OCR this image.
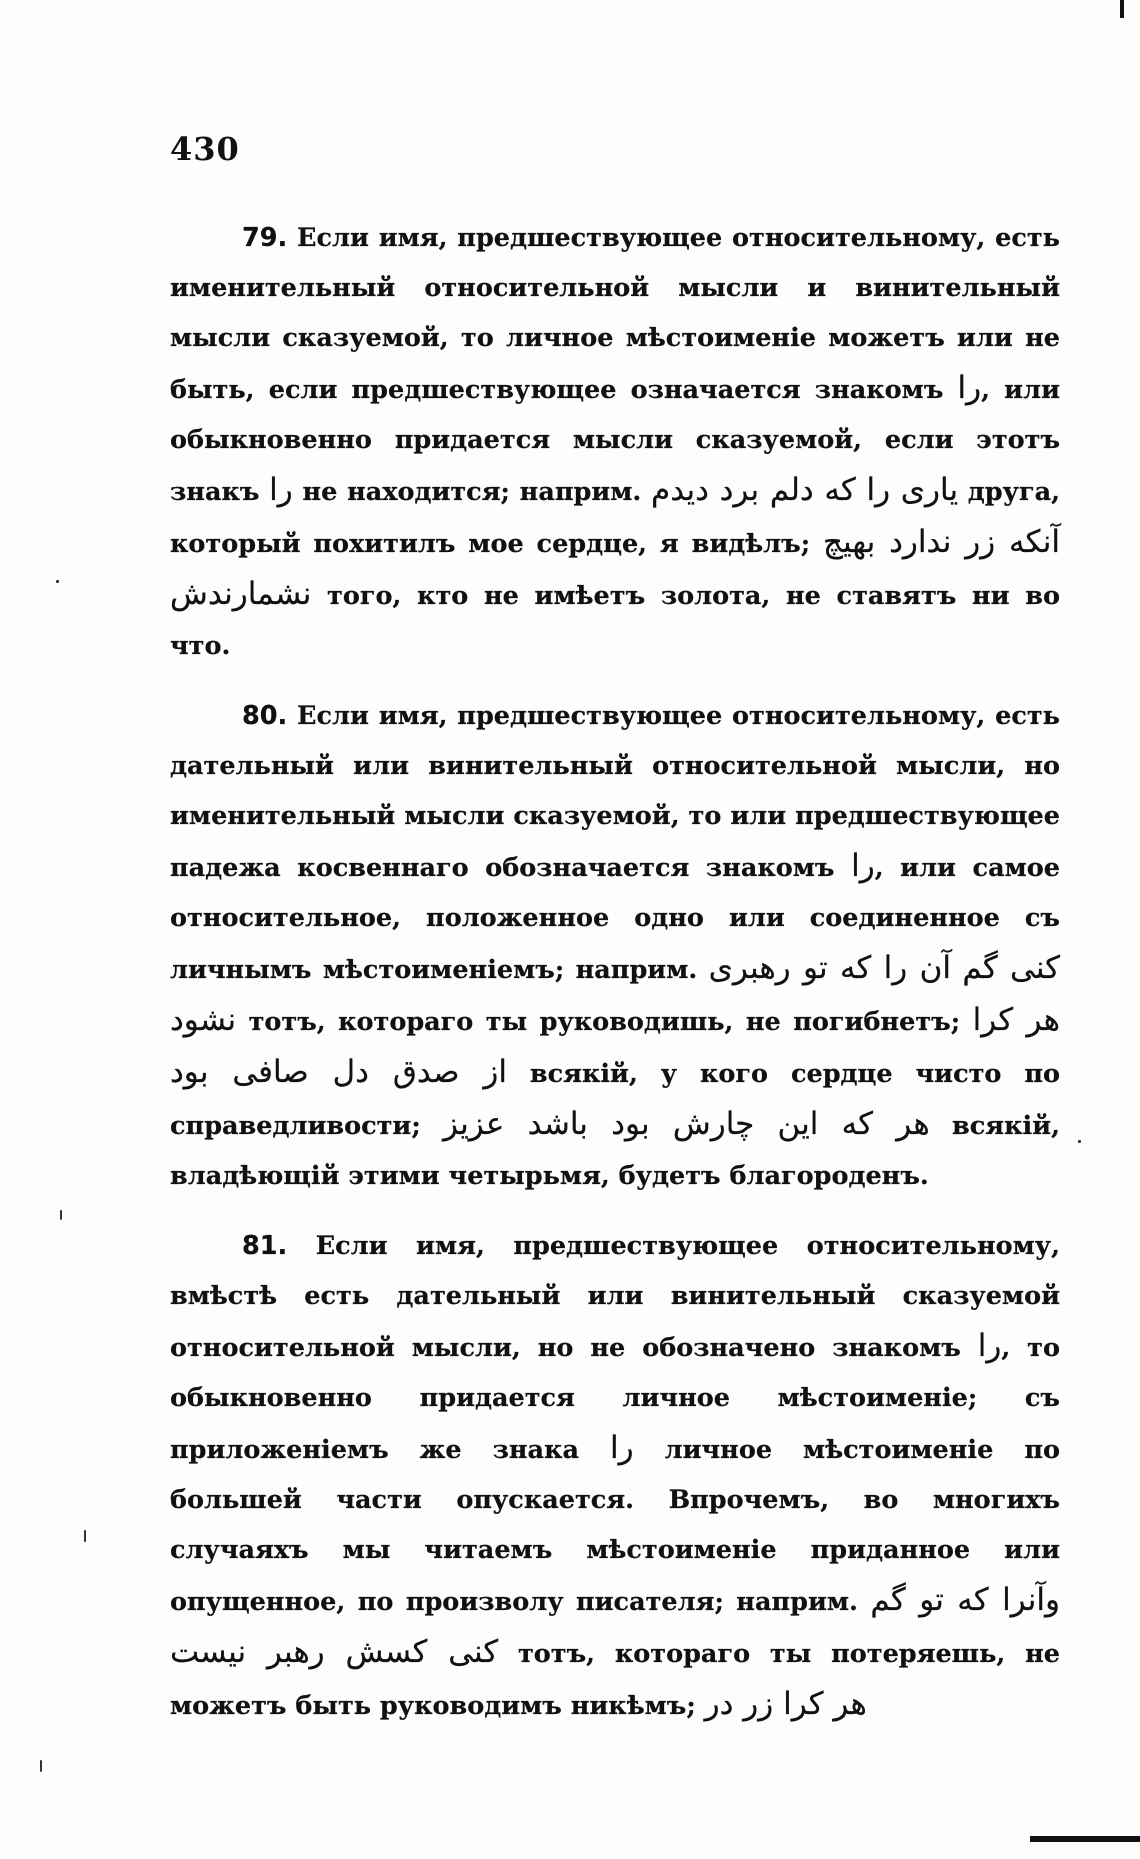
430

79. Если имя, предшествующее относительному, есть именительный относительной мысли и винительный мысли сказуемой, то личное мѣстоименіе можетъ или не быть, если предшествующее означается знакомъ را, или обыкновенно придается мысли сказуемой, если этотъ знакъ را не находится; наприм. یاری را که دلم برد دیدم друга, который похитилъ мое сердце, я видѣлъ; آنکه زر ندارد بهیچ نشمارندش того, кто не имѣетъ золота, не ставятъ ни во что.

80. Если имя, предшествующее относительному, есть дательный или винительный относительной мысли, но именительный мысли сказуемой, то или предшествующее падежа косвеннаго обозначается знакомъ را, или самое относительное, положенное одно или соединенное съ личнымъ мѣстоименіемъ; наприм. آن را که تو رهبری کنی گم نشود тотъ, котораго ты руководишь, не погибнетъ; هر کرا از صدق دل صافی بود всякій, у кого сердце чисто по справедливости; هر که این چارش بود باشد عزیز всякій, владѣющій этими четырьмя, будетъ благороденъ.

81. Если имя, предшествующее относительному, вмѣстѣ есть дательный или винительный сказуемой относительной мысли, но не обозначено знакомъ را, то обыкновенно придается личное мѣстоименіе; съ приложеніемъ же знака را личное мѣстоименіе по большей части опускается. Впрочемъ, во многихъ случаяхъ мы читаемъ мѣстоименіе приданное или опущенное, по произволу писателя; наприм. وآنرا که تو گم کنی کسش رهبر نیست тотъ, котораго ты потеряешь, не можетъ быть руководимъ никѣмъ; هر کرا زر در
